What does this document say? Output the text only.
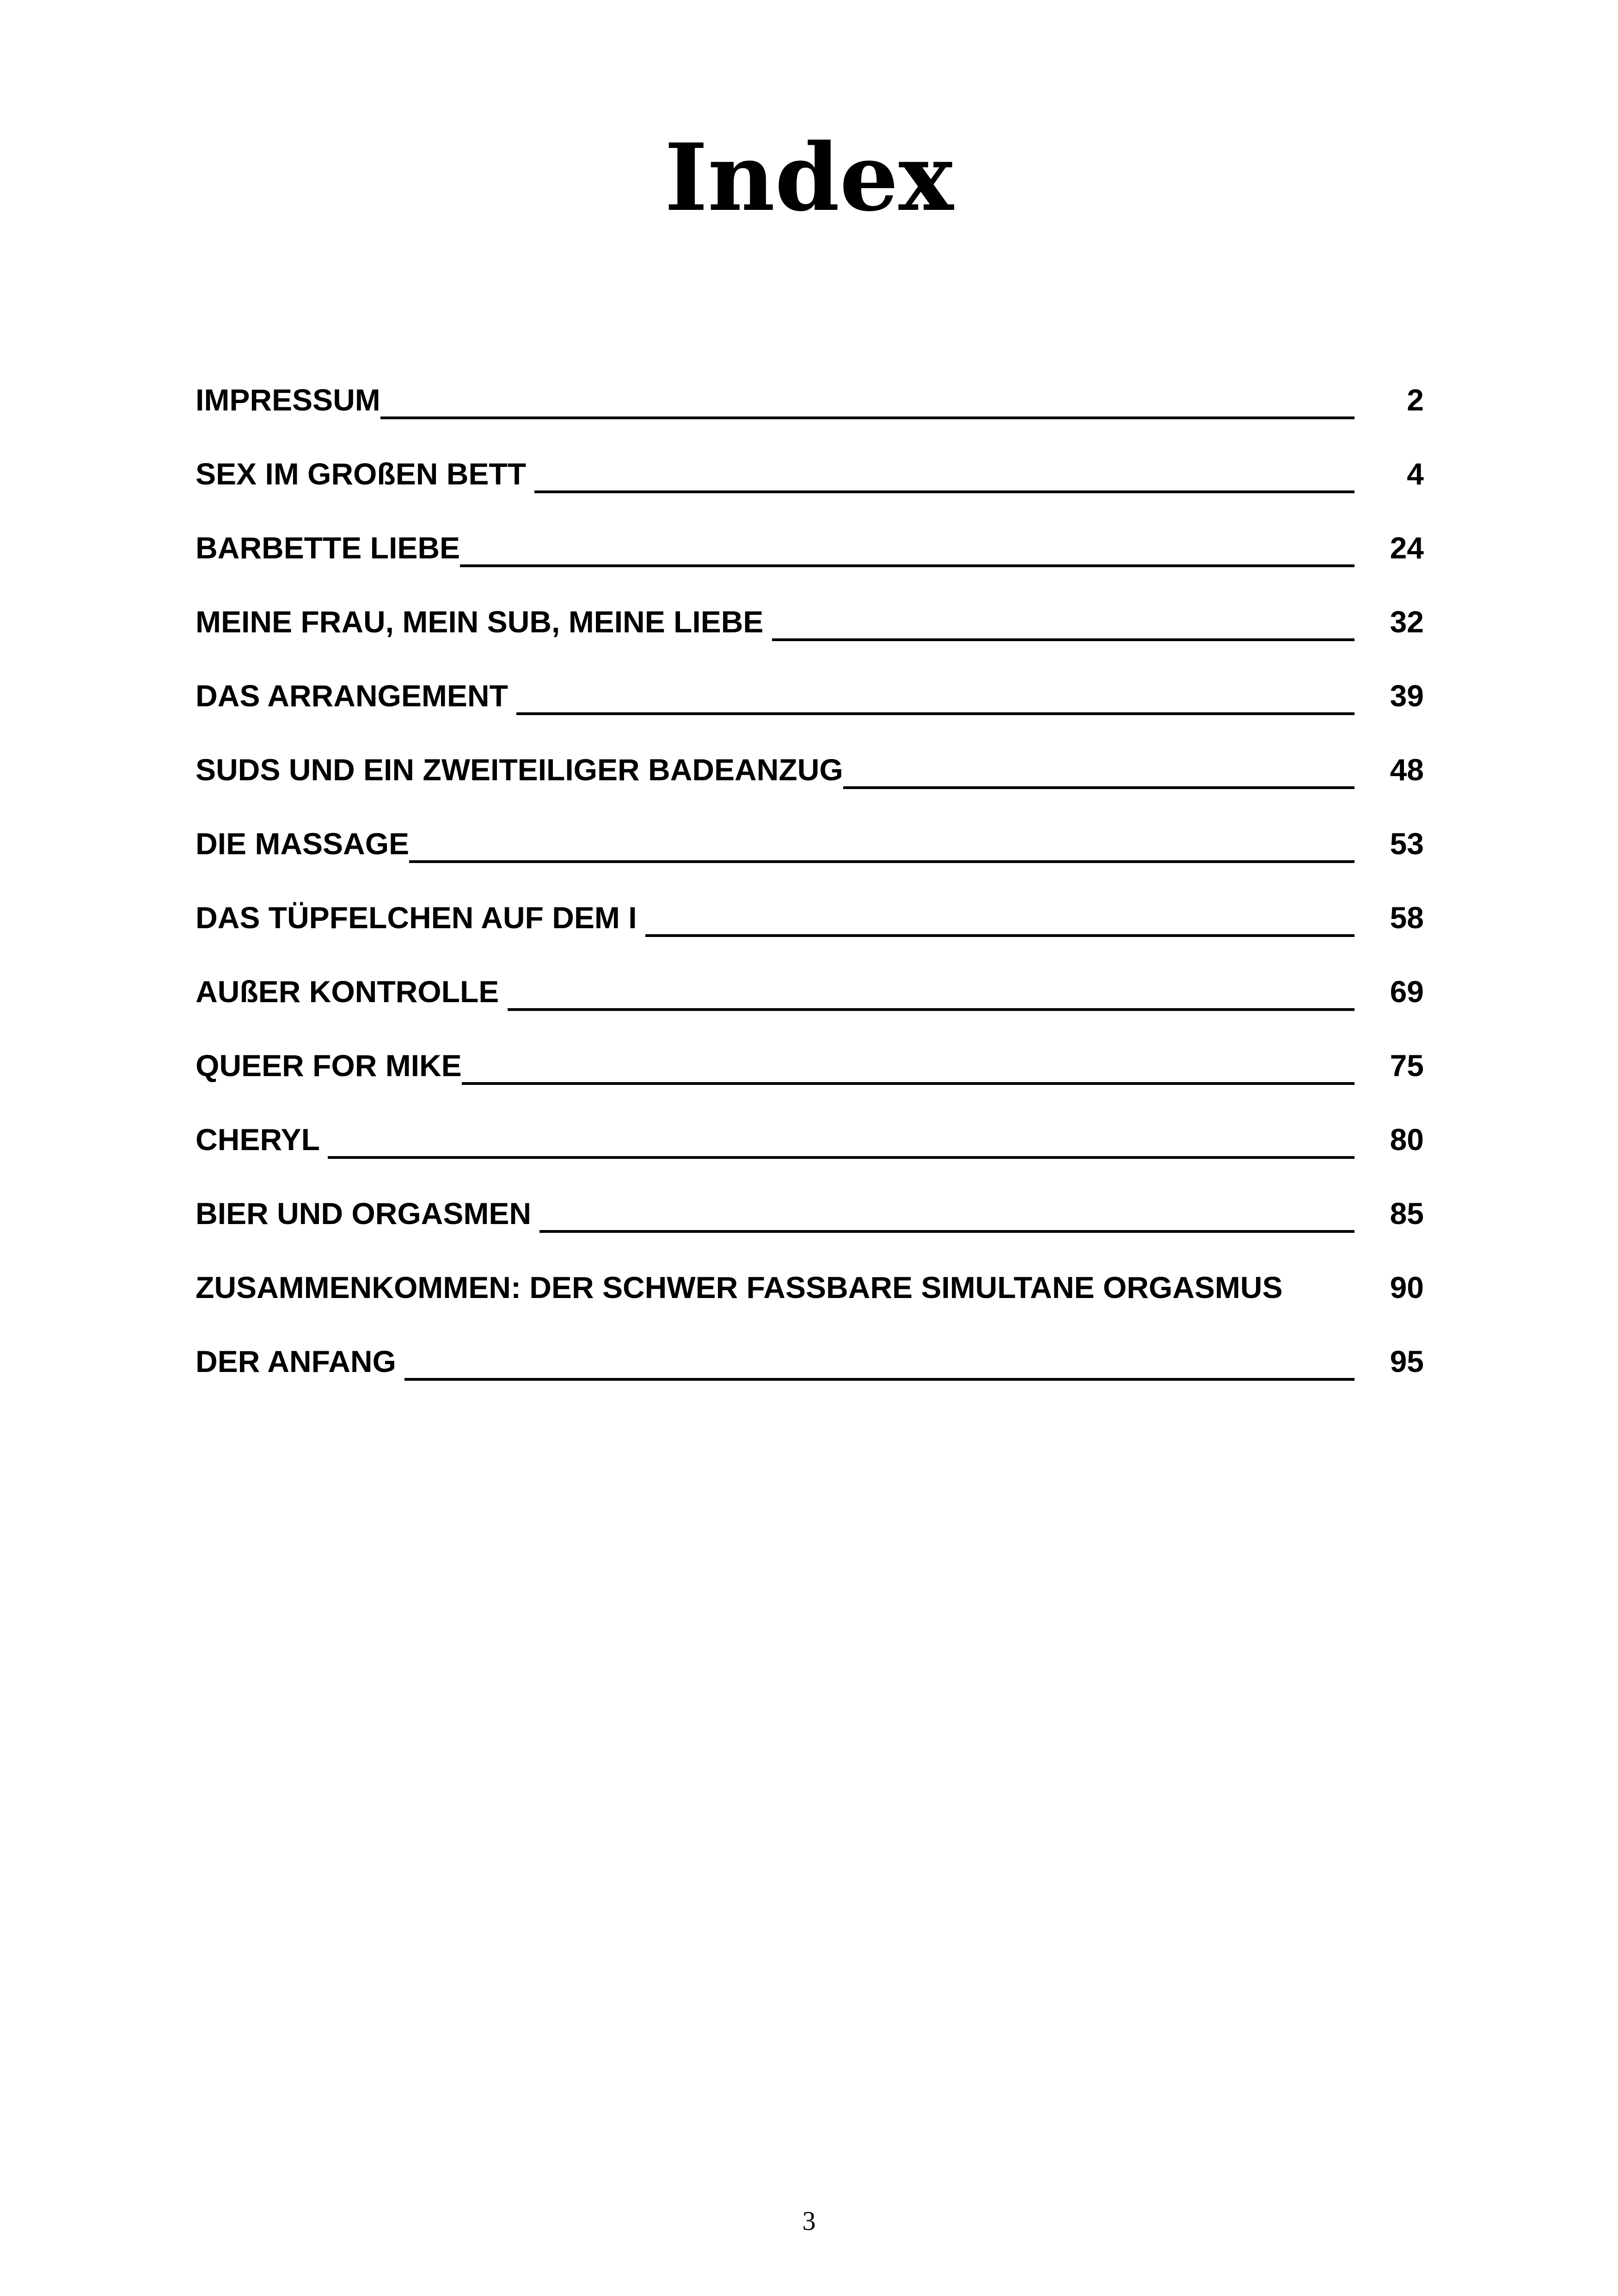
Index
IMPRESSUM	2
SEX IM GROßEN BETT	4
BARBETTE LIEBE	24
MEINE FRAU, MEIN SUB, MEINE LIEBE	32
DAS ARRANGEMENT	39
SUDS UND EIN ZWEITEILIGER BADEANZUG	48
DIE MASSAGE	53
DAS TÜPFELCHEN AUF DEM I	58
AUßER KONTROLLE	69
QUEER FOR MIKE	75
CHERYL	80
BIER UND ORGASMEN	85
ZUSAMMENKOMMEN: DER SCHWER FASSBARE SIMULTANE ORGASMUS	90
DER ANFANG	95
3
